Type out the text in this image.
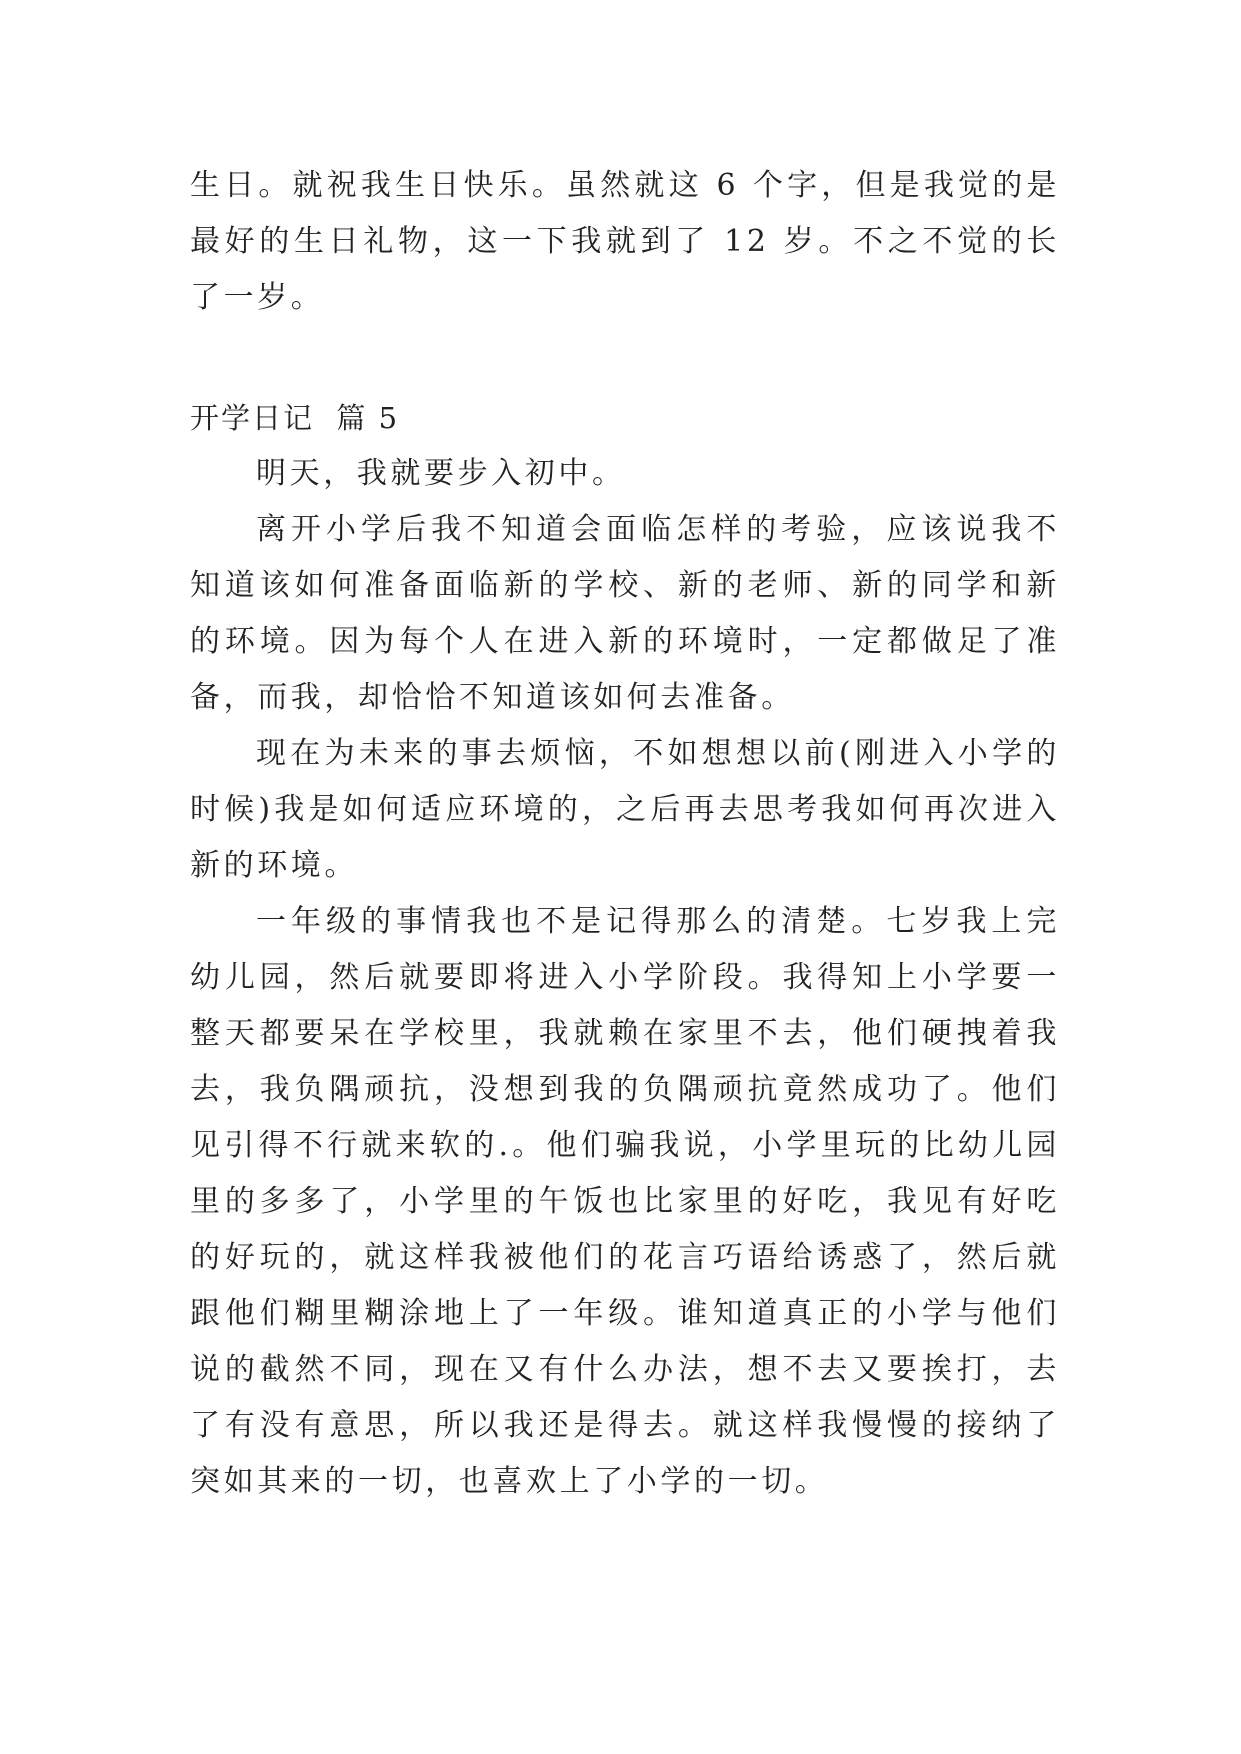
生日。就祝我生日快乐。虽然就这 6 个字，但是我觉的是最好的生日礼物，这一下我就到了 12 岁。不之不觉的长了一岁。

开学日记  篇 5

明天，我就要步入初中。

离开小学后我不知道会面临怎样的考验，应该说我不知道该如何准备面临新的学校、新的老师、新的同学和新的环境。因为每个人在进入新的环境时，一定都做足了准备，而我，却恰恰不知道该如何去准备。

现在为未来的事去烦恼，不如想想以前(刚进入小学的时候)我是如何适应环境的，之后再去思考我如何再次进入新的环境。

一年级的事情我也不是记得那么的清楚。七岁我上完幼儿园，然后就要即将进入小学阶段。我得知上小学要一整天都要呆在学校里，我就赖在家里不去，他们硬拽着我去，我负隅顽抗，没想到我的负隅顽抗竟然成功了。他们见引得不行就来软的.。他们骗我说，小学里玩的比幼儿园里的多多了，小学里的午饭也比家里的好吃，我见有好吃的好玩的，就这样我被他们的花言巧语给诱惑了，然后就跟他们糊里糊涂地上了一年级。谁知道真正的小学与他们说的截然不同，现在又有什么办法，想不去又要挨打，去了有没有意思，所以我还是得去。就这样我慢慢的接纳了突如其来的一切，也喜欢上了小学的一切。
